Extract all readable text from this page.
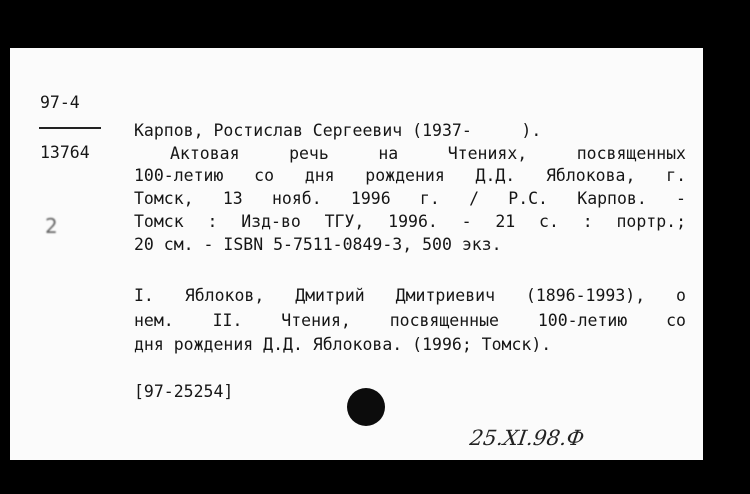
97-4
13764
2
Карпов, Ростислав Сергеевич (1937-     ).
Актовая речь на Чтениях, посвященных
100-летию со дня рождения Д.Д. Яблокова, г.
Томск, 13 нояб. 1996 г. / Р.С. Карпов. -
Томск : Изд-во ТГУ, 1996. - 21 с. : портр.;
20 см. - ISBN 5-7511-0849-3, 500 экз.
I. Яблоков, Дмитрий Дмитриевич (1896-1993), о
нем. II. Чтения, посвященные 100-летию со
дня рождения Д.Д. Яблокова. (1996; Томск).
[97-25254]
25.XI.98.Ф
